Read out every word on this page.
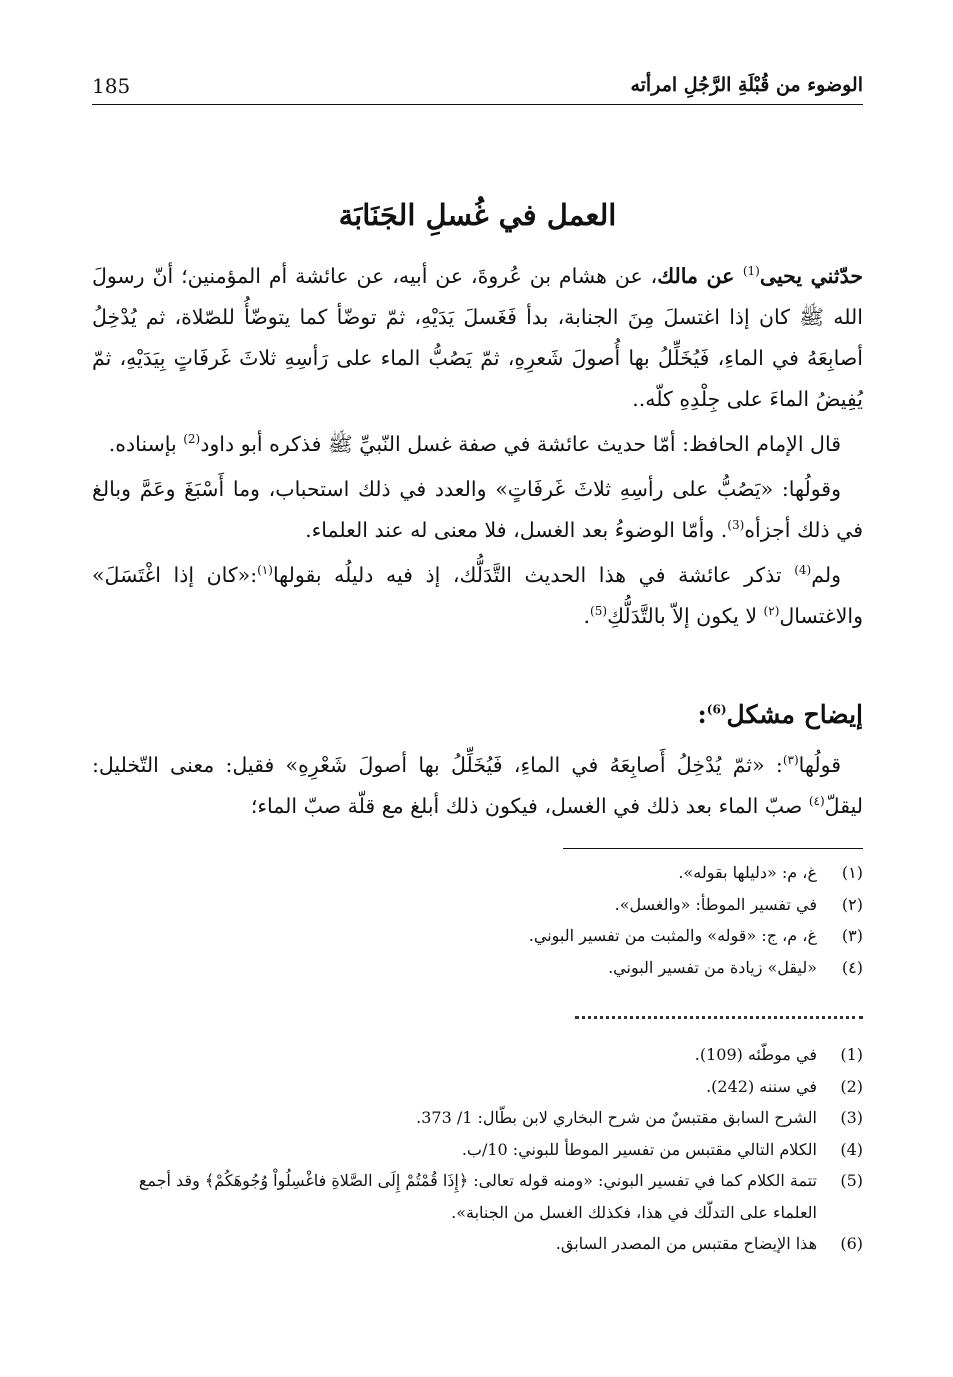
الوضوء من قُبْلَةِ الرَّجُلِ امرأته
185
العمل في غُسلِ الجَنَابَة

حدّثني يحيى$^{(1)}$ عن مالك، عن هشام بن عُروةَ، عن أبيه، عن عائشة أم المؤمنين؛ أنّ رسولَ الله ﷺ كان إذا اغتسلَ مِنَ الجنابة، بدأ فَغَسلَ يَدَيْهِ، ثمّ توضّأ كما يتوضّأُ للصّلاة، ثم يُدْخِلُ أصابِعَهُ في الماءِ، فَيُخَلِّلُ بها أُصولَ شَعرِهِ، ثمّ يَصُبُّ الماء على رَأسِهِ ثلاثَ غَرفَاتٍ بِيَدَيْهِ، ثمّ يُفِيضُ الماءَ على جِلْدِهِ كلّه..

قال الإمام الحافظ: أمّا حديث عائشة في صفة غسل النّبيِّ ﷺ فذكره أبو داود$^{(2)}$ بإسناده.

وقولُها: «يَصُبُّ على رأسِهِ ثلاثَ غَرفَاتٍ» والعدد في ذلك استحباب، وما أَسْبَغَ وعَمَّ وبالغ في ذلك أجزأه$^{(3)}$. وأمّا الوضوءُ بعد الغسل، فلا معنى له عند العلماء.

ولم$^{(4)}$ تذكر عائشة في هذا الحديث التَّدَلُّك، إذ فيه دليلُه بقولها$^{(١)}$:«كان إذا اغْتَسَلَ» والاغتسال$^{(٢)}$ لا يكون إلاّ بالتَّدَلُّكِ$^{(5)}$.

إيضاح مشكل$^{(6)}$:

قولُها$^{(٣)}$: «ثمّ يُدْخِلُ أَصابِعَهُ في الماءِ، فَيُخَلِّلُ بها أصولَ شَعْرِهِ» فقيل: معنى التّخليل: ليقلّ$^{(٤)}$ صبّ الماء بعد ذلك في الغسل، فيكون ذلك أبلغ مع قلّة صبّ الماء؛

(١)
غ، م: «دليلها بقوله».
(٢)
في تفسير الموطأ: «والغسل».
(٣)
غ، م، ج: «قوله» والمثبت من تفسير البوني.
(٤)
«ليقل» زيادة من تفسير البوني.
(1)
في موطّئه (109).
(2)
في سننه (242).
(3)
الشرح السابق مقتبسٌ من شرح البخاري لابن بطّال: 1/ 373.
(4)
الكلام التالي مقتبس من تفسير الموطأ للبوني: 10/ب.
(5)
تتمة الكلام كما في تفسير البوني: «ومنه قوله تعالى: ﴿إِذَا قُمْتُمْ إِلَى الصَّلاةِ فاغْسِلُواْ وُجُوهَكُمْ﴾ وقد أجمع العلماء على التدلّك في هذا، فكذلك الغسل من الجنابة».
(6)
هذا الإيضاح مقتبس من المصدر السابق.
